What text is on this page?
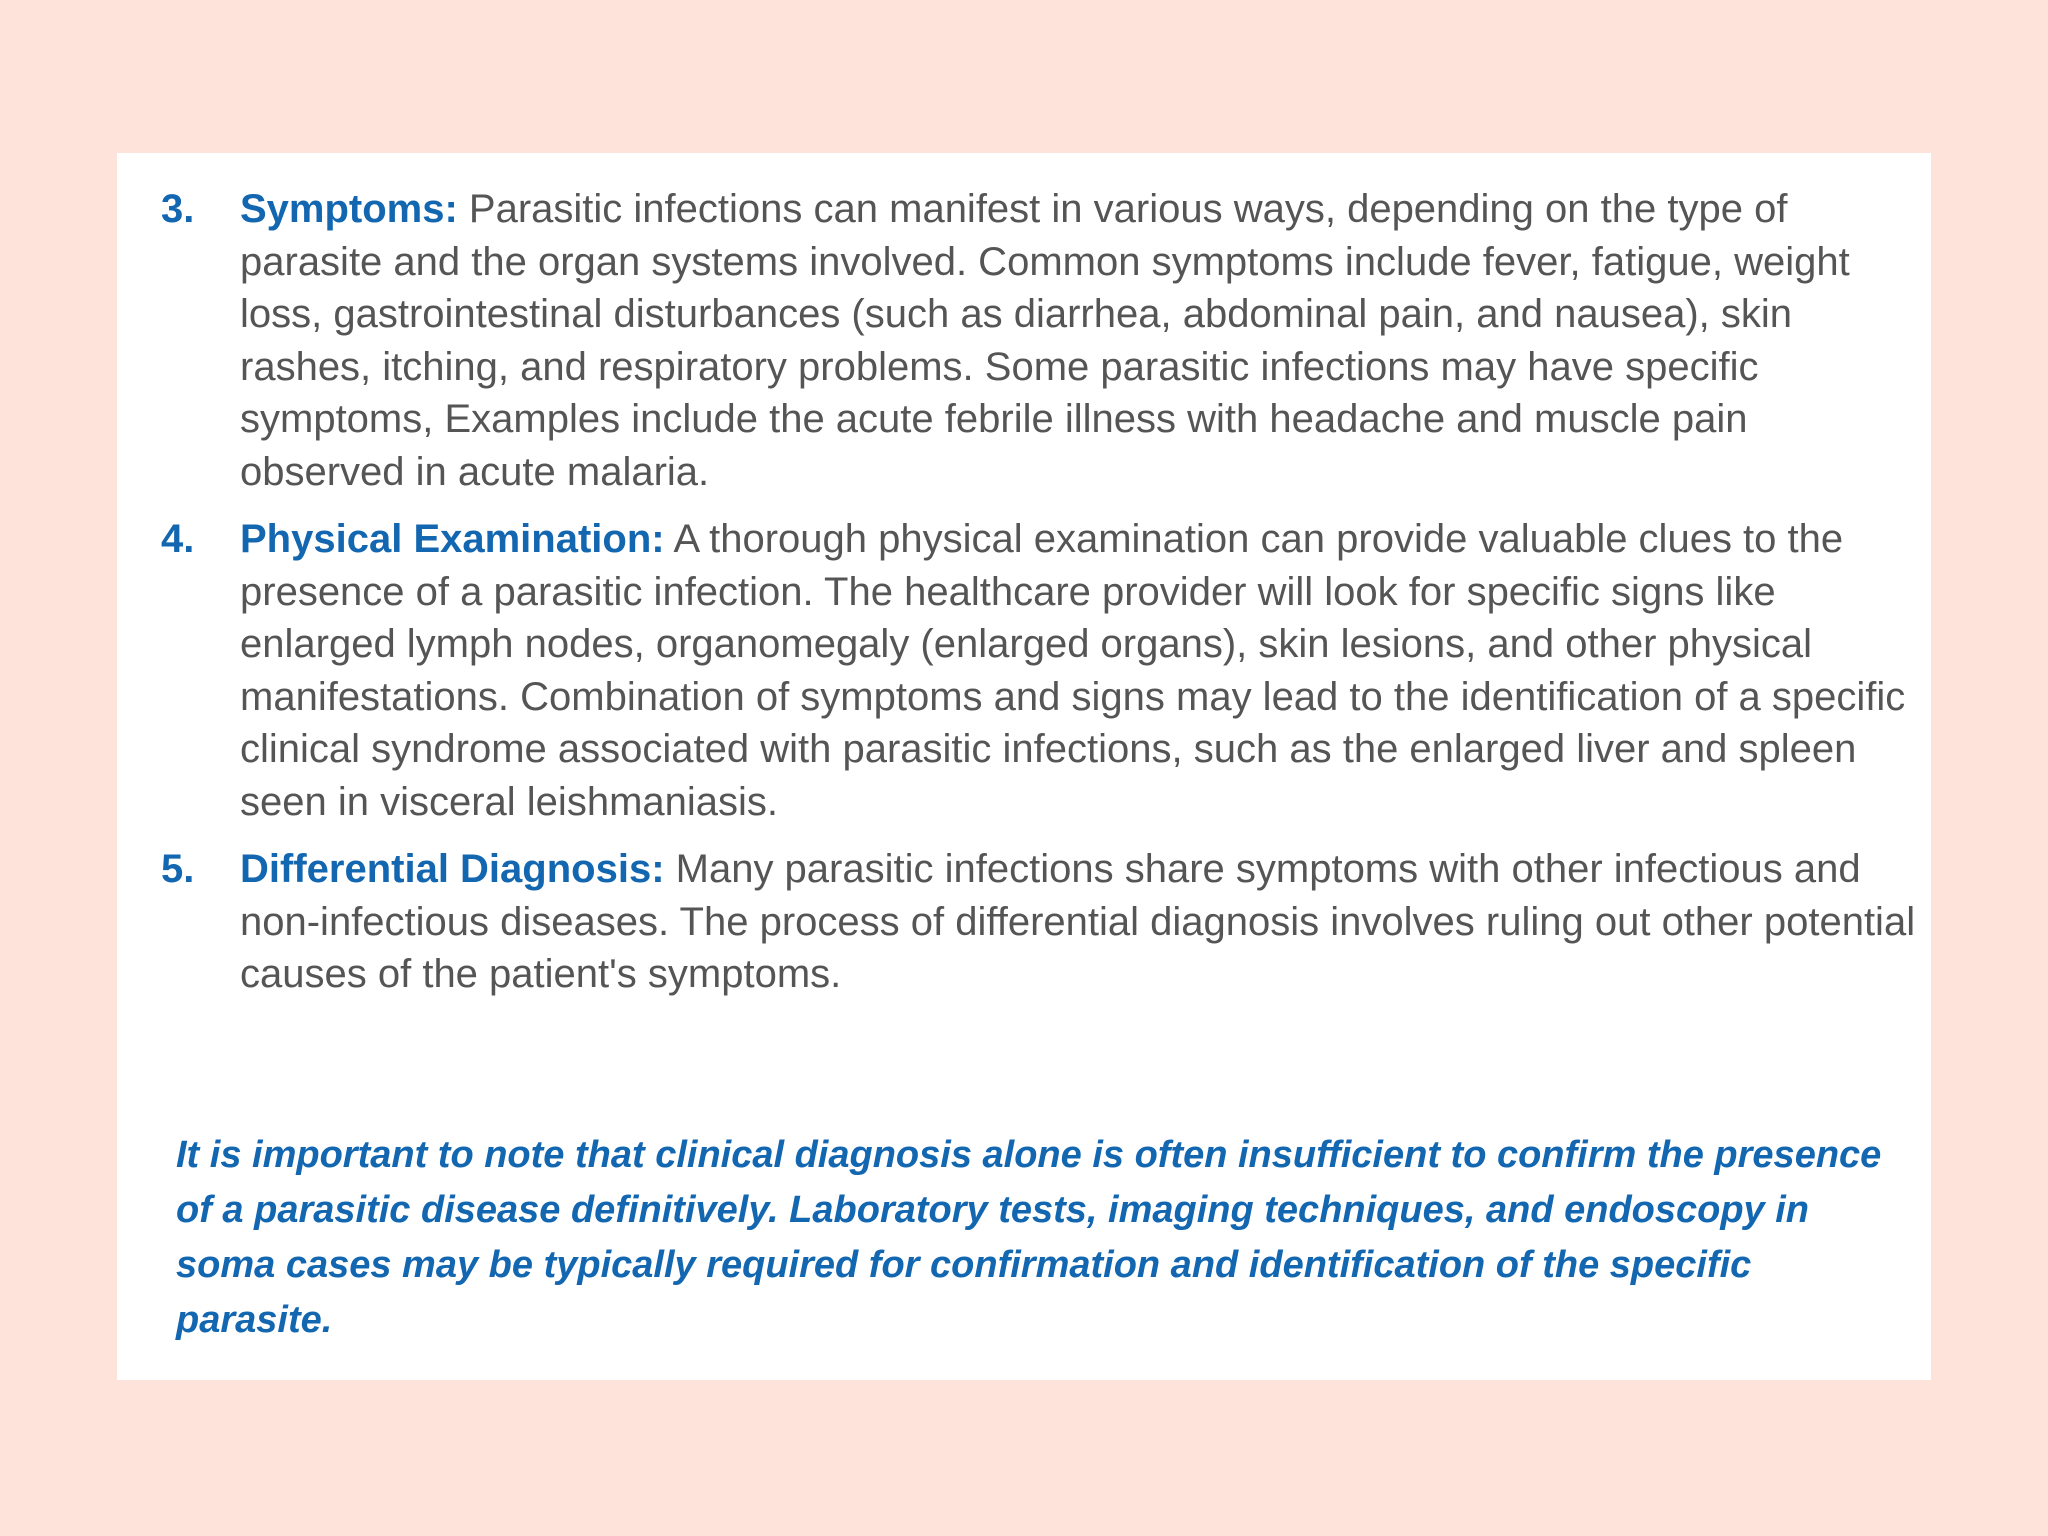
3. Symptoms: Parasitic infections can manifest in various ways, depending on the type of parasite and the organ systems involved. Common symptoms include fever, fatigue, weight loss, gastrointestinal disturbances (such as diarrhea, abdominal pain, and nausea), skin rashes, itching, and respiratory problems. Some parasitic infections may have specific symptoms, Examples include the acute febrile illness with headache and muscle pain observed in acute malaria.
4. Physical Examination: A thorough physical examination can provide valuable clues to the presence of a parasitic infection. The healthcare provider will look for specific signs like enlarged lymph nodes, organomegaly (enlarged organs), skin lesions, and other physical manifestations. Combination of symptoms and signs may lead to the identification of a specific clinical syndrome associated with parasitic infections, such as the enlarged liver and spleen seen in visceral leishmaniasis.
5. Differential Diagnosis: Many parasitic infections share symptoms with other infectious and non-infectious diseases. The process of differential diagnosis involves ruling out other potential causes of the patient's symptoms.

It is important to note that clinical diagnosis alone is often insufficient to confirm the presence of a parasitic disease definitively. Laboratory tests, imaging techniques, and endoscopy in soma cases may be typically required for confirmation and identification of the specific parasite.
